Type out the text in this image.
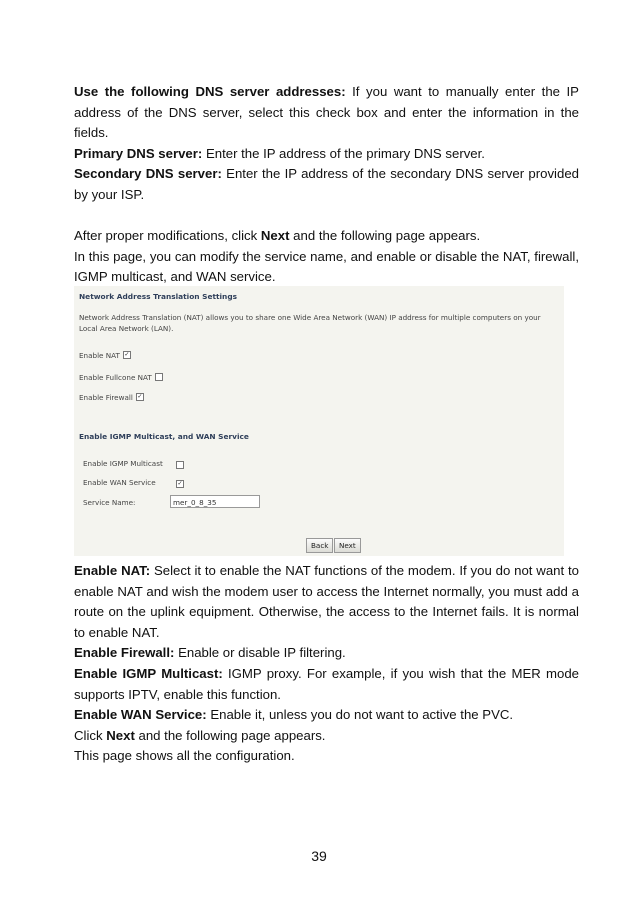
Use the following DNS server addresses: If you want to manually enter the IP address of the DNS server, select this check box and enter the information in the fields.

Primary DNS server: Enter the IP address of the primary DNS server.

Secondary DNS server: Enter the IP address of the secondary DNS server provided by your ISP.

After proper modifications, click Next and the following page appears.

In this page, you can modify the service name, and enable or disable the NAT, firewall, IGMP multicast, and WAN service.

Network Address Translation Settings
Network Address Translation (NAT) allows you to share one Wide Area Network (WAN) IP address for multiple computers on your
Local Area Network (LAN).
Enable NAT ✓
Enable Fullcone NAT
Enable Firewall ✓
Enable IGMP Multicast, and WAN Service
Enable IGMP Multicast
Enable WAN Service	✓
Service Name:	mer_0_8_35
Back	Next

Enable NAT: Select it to enable the NAT functions of the modem. If you do not want to enable NAT and wish the modem user to access the Internet normally, you must add a route on the uplink equipment. Otherwise, the access to the Internet fails. It is normal to enable NAT.

Enable Firewall: Enable or disable IP filtering.

Enable IGMP Multicast: IGMP proxy. For example, if you wish that the MER mode supports IPTV, enable this function.

Enable WAN Service: Enable it, unless you do not want to active the PVC.

Click Next and the following page appears.

This page shows all the configuration.

39
